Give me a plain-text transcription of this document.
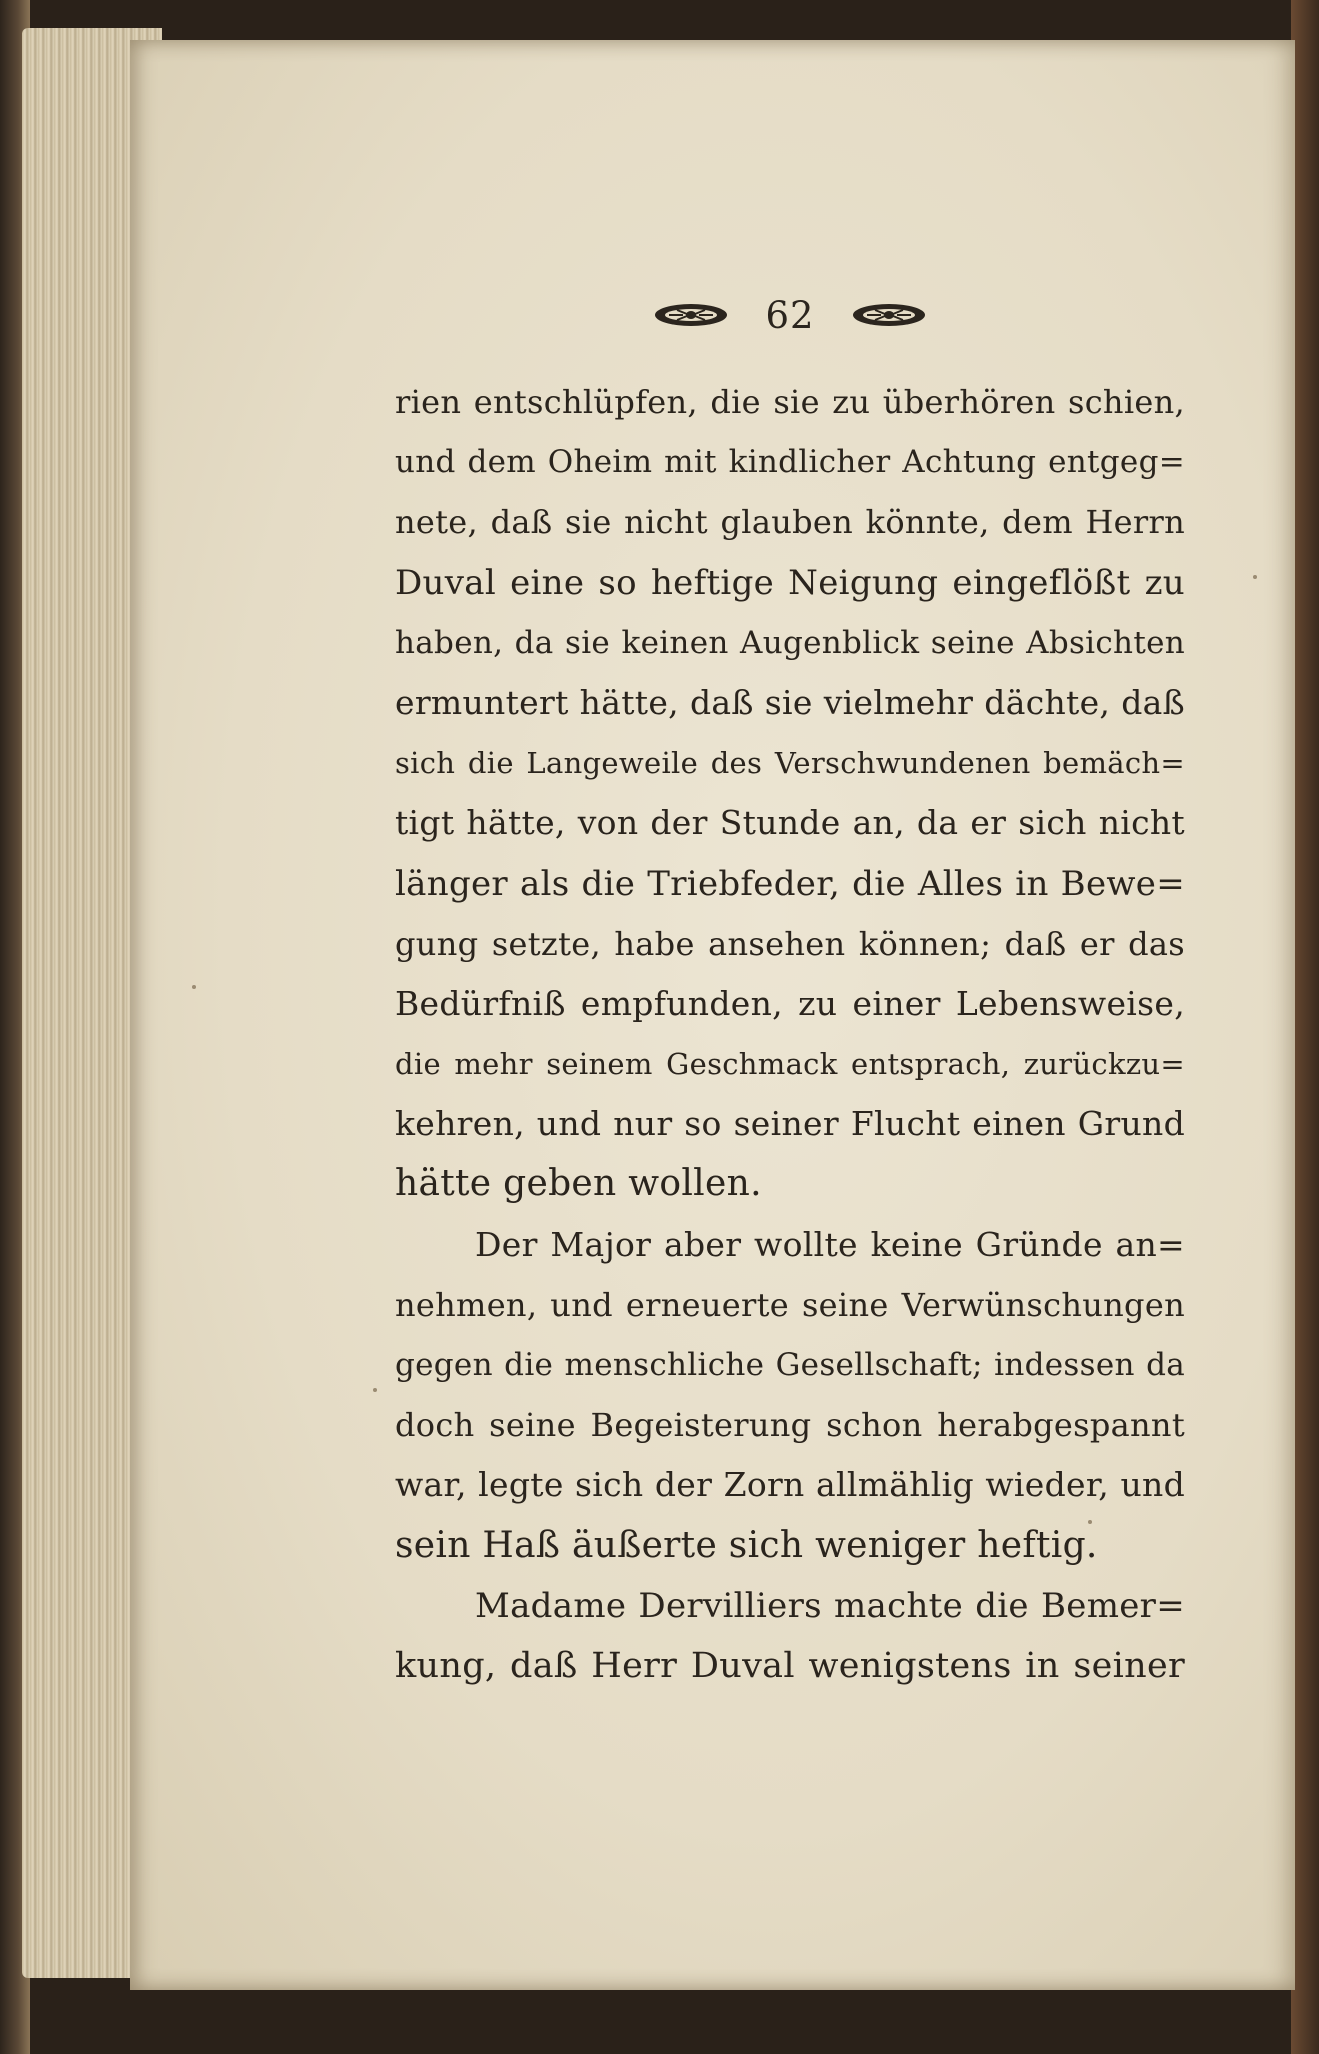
62
rien entschlüpfen, die sie zu überhören schien,
und dem Oheim mit kindlicher Achtung entgeg=
nete, daß sie nicht glauben könnte, dem Herrn
Duval eine so heftige Neigung eingeflößt zu
haben, da sie keinen Augenblick seine Absichten
ermuntert hätte, daß sie vielmehr dächte, daß
sich die Langeweile des Verschwundenen bemäch=
tigt hätte, von der Stunde an, da er sich nicht
länger als die Triebfeder, die Alles in Bewe=
gung setzte, habe ansehen können; daß er das
Bedürfniß empfunden, zu einer Lebensweise,
die mehr seinem Geschmack entsprach, zurückzu=
kehren, und nur so seiner Flucht einen Grund
hätte geben wollen.
Der Major aber wollte keine Gründe an=
nehmen, und erneuerte seine Verwünschungen
gegen die menschliche Gesellschaft; indessen da
doch seine Begeisterung schon herabgespannt
war, legte sich der Zorn allmählig wieder, und
sein Haß äußerte sich weniger heftig.
Madame Dervilliers machte die Bemer=
kung, daß Herr Duval wenigstens in seiner
